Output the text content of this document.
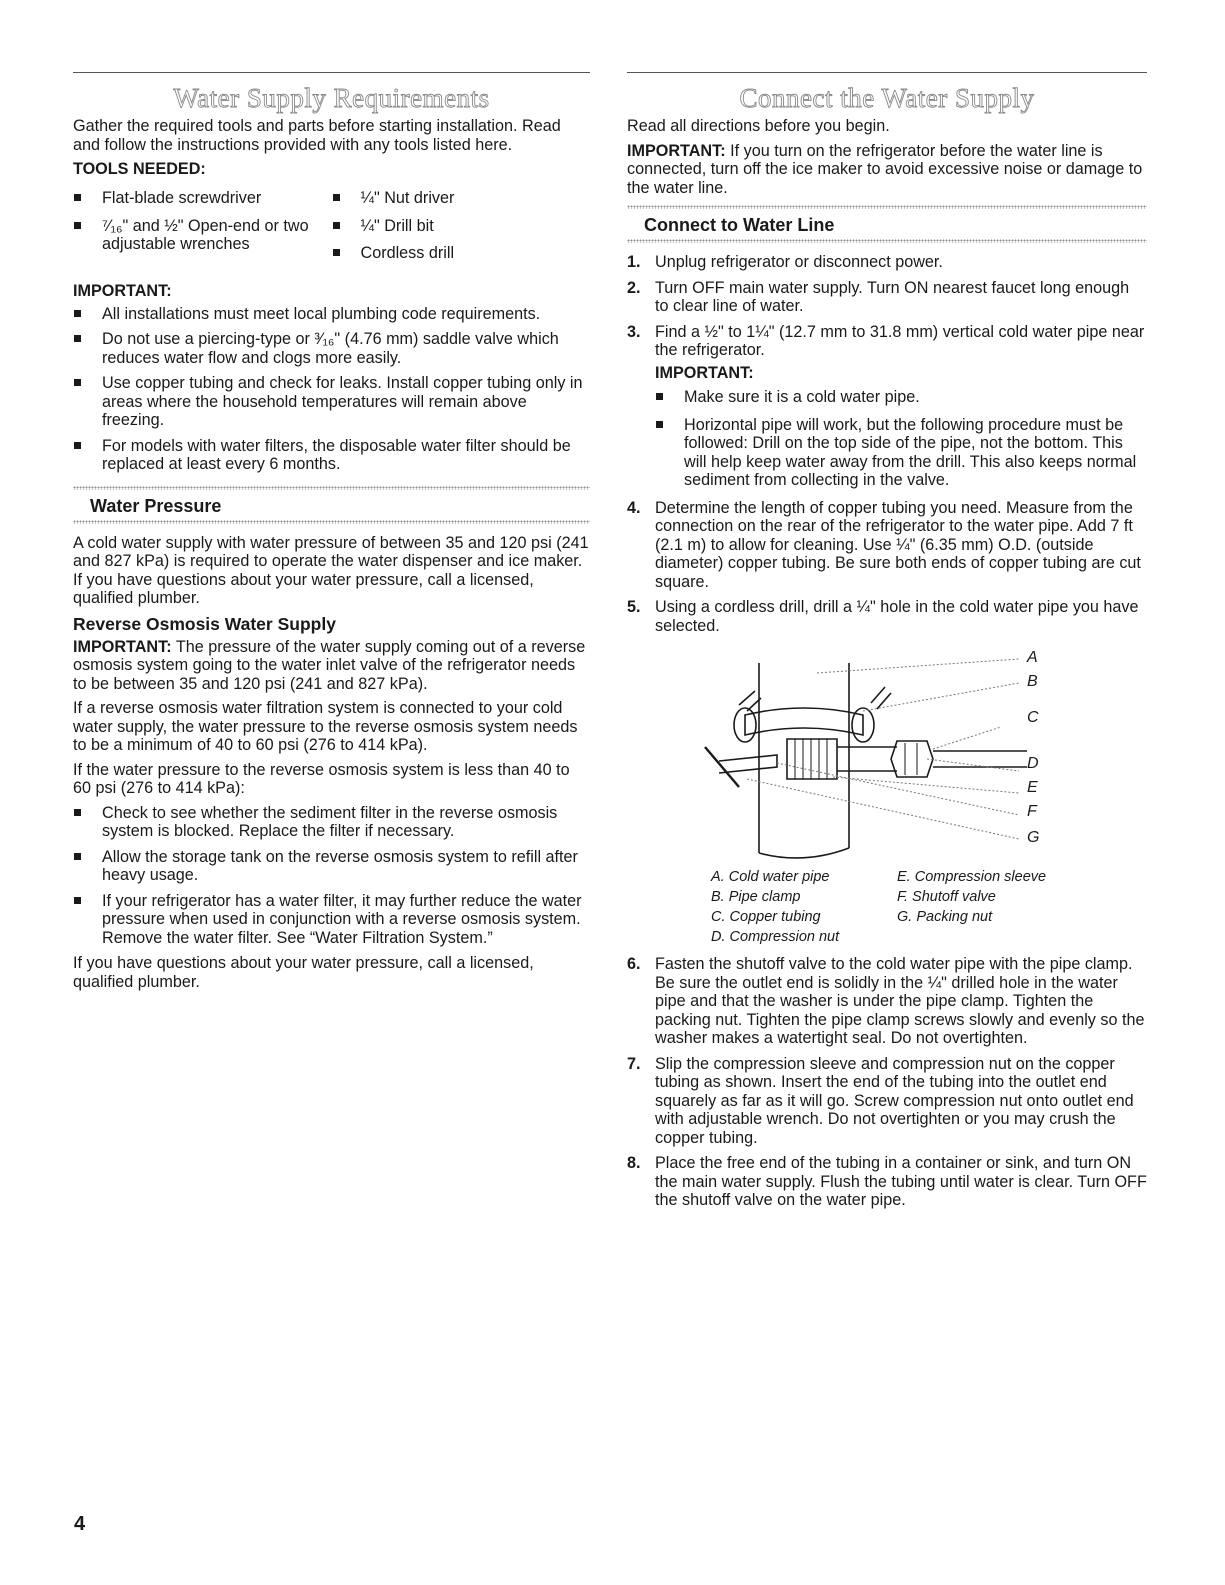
Water Supply Requirements

Gather the required tools and parts before starting installation. Read and follow the instructions provided with any tools listed here.

TOOLS NEEDED:
Flat-blade screwdriver
⁷⁄₁₆" and ½" Open-end or two adjustable wrenches
¼" Nut driver
¼" Drill bit
Cordless drill
IMPORTANT:
All installations must meet local plumbing code requirements.
Do not use a piercing-type or ³⁄₁₆" (4.76 mm) saddle valve which reduces water flow and clogs more easily.
Use copper tubing and check for leaks. Install copper tubing only in areas where the household temperatures will remain above freezing.
For models with water filters, the disposable water filter should be replaced at least every 6 months.
Water Pressure

A cold water supply with water pressure of between 35 and 120 psi (241 and 827 kPa) is required to operate the water dispenser and ice maker. If you have questions about your water pressure, call a licensed, qualified plumber.

Reverse Osmosis Water Supply

IMPORTANT: The pressure of the water supply coming out of a reverse osmosis system going to the water inlet valve of the refrigerator needs to be between 35 and 120 psi (241 and 827 kPa).

If a reverse osmosis water filtration system is connected to your cold water supply, the water pressure to the reverse osmosis system needs to be a minimum of 40 to 60 psi (276 to 414 kPa).

If the water pressure to the reverse osmosis system is less than 40 to 60 psi (276 to 414 kPa):

Check to see whether the sediment filter in the reverse osmosis system is blocked. Replace the filter if necessary.
Allow the storage tank on the reverse osmosis system to refill after heavy usage.
If your refrigerator has a water filter, it may further reduce the water pressure when used in conjunction with a reverse osmosis system. Remove the water filter. See “Water Filtration System.”

If you have questions about your water pressure, call a licensed, qualified plumber.

Connect the Water Supply

Read all directions before you begin.

IMPORTANT: If you turn on the refrigerator before the water line is connected, turn off the ice maker to avoid excessive noise or damage to the water line.

Connect to Water Line
1. Unplug refrigerator or disconnect power.
2. Turn OFF main water supply. Turn ON nearest faucet long enough to clear line of water.
3. Find a ½" to 1¼" (12.7 mm to 31.8 mm) vertical cold water pipe near the refrigerator.
IMPORTANT:
Make sure it is a cold water pipe.
Horizontal pipe will work, but the following procedure must be followed: Drill on the top side of the pipe, not the bottom. This will help keep water away from the drill. This also keeps normal sediment from collecting in the valve.
4. Determine the length of copper tubing you need. Measure from the connection on the rear of the refrigerator to the water pipe. Add 7 ft (2.1 m) to allow for cleaning. Use ¼" (6.35 mm) O.D. (outside diameter) copper tubing. Be sure both ends of copper tubing are cut square.
5. Using a cordless drill, drill a ¼" hole in the cold water pipe you have selected.
A
B
C
D
E
F
G
A. Cold water pipe
B. Pipe clamp
C. Copper tubing
D. Compression nut
E. Compression sleeve
F. Shutoff valve
G. Packing nut
6. Fasten the shutoff valve to the cold water pipe with the pipe clamp. Be sure the outlet end is solidly in the ¼" drilled hole in the water pipe and that the washer is under the pipe clamp. Tighten the packing nut. Tighten the pipe clamp screws slowly and evenly so the washer makes a watertight seal. Do not overtighten.
7. Slip the compression sleeve and compression nut on the copper tubing as shown. Insert the end of the tubing into the outlet end squarely as far as it will go. Screw compression nut onto outlet end with adjustable wrench. Do not overtighten or you may crush the copper tubing.
8. Place the free end of the tubing in a container or sink, and turn ON the main water supply. Flush the tubing until water is clear. Turn OFF the shutoff valve on the water pipe.
4
